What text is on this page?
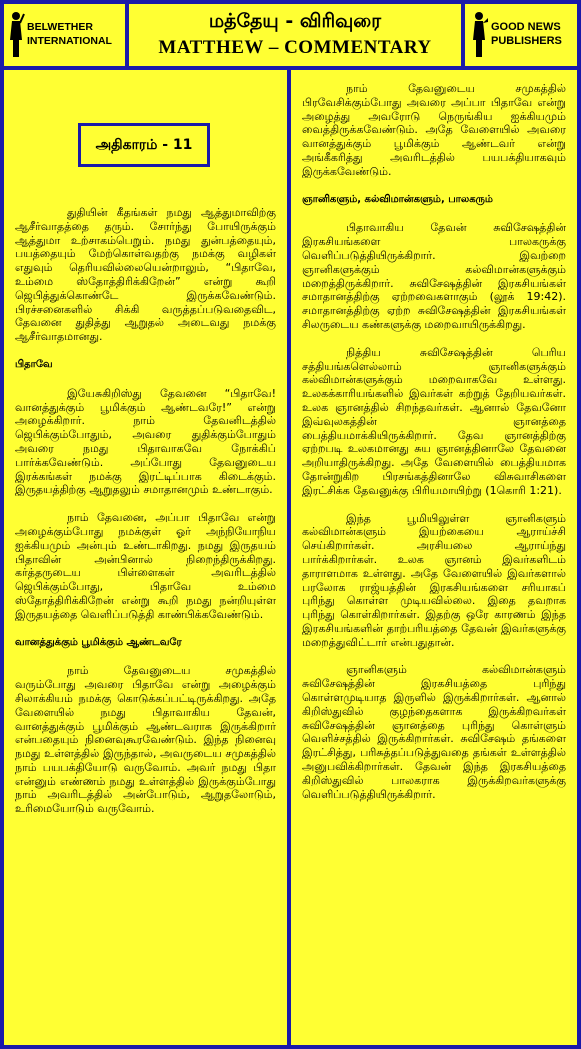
BELWETHER
INTERNATIONAL
மத்தேயு - விரிவுரை
MATTHEW – COMMENTARY
GOOD NEWS
PUBLISHERS
அதிகாரம் - 11

துதியின் கீதங்கள் நமது ஆத்துமாவிற்கு ஆசீர்வாதத்தை தரும். சோர்ந்து போயிருக்கும் ஆத்துமா உற்சாகம்பெறும். நமது துன்பத்தையும், பயத்தையும் மேற்கொள்வதற்கு நமக்கு வழிகள் எதுவும் தெரியவில்லையென்றாலும், “பிதாவே, உம்மை ஸ்தோத்திரிக்கிறேன்” என்று கூறி ஜெபித்துக்கொண்டே இருக்கவேண்டும். பிரச்சனைகளில் சிக்கி வருத்தப்படுவதைவிட, தேவனை துதித்து ஆறுதல் அடைவது நமக்கு ஆசீர்வாதமானது.

பிதாவே

இயேசுகிறிஸ்து தேவனை “பிதாவே! வானத்துக்கும் பூமிக்கும் ஆண்டவரே!” என்று அழைக்கிறார். நாம் தேவனிடத்தில் ஜெபிக்கும்போதும், அவரை துதிக்கும்போதும் அவரை நமது பிதாவாகவே நோக்கிப் பார்க்கவேண்டும். அப்போது தேவனுடைய இரக்கங்கள் நமக்கு இரட்டிப்பாக கிடைக்கும். இருதயத்திற்கு ஆறுதலும் சமாதானமும் உண்டாகும்.

நாம் தேவனை, அப்பா பிதாவே என்று அழைக்கும்போது நமக்குள் ஓர் அந்நியோநிய ஐக்கியமும் அன்பும் உண்டாகிறது. நமது இருதயம் பிதாவின் அன்பினால் நிறைந்திருக்கிறது. கர்த்தருடைய பிள்ளைகள் அவரிடத்தில் ஜெபிக்கும்போது, பிதாவே உம்மை ஸ்தோத்திரிக்கிறேன் என்று கூறி நமது நன்றியுள்ள இருதயத்தை வெளிப்படுத்தி காண்பிக்கவேண்டும்.

வானத்துக்கும் பூமிக்கும் ஆண்டவரே

நாம் தேவனுடைய சமுகத்தில் வரும்போது அவரை பிதாவே என்று அழைக்கும் சிலாக்கியம் நமக்கு கொடுக்கப்பட்டிருக்கிறது. அதே வேளையில் நமது பிதாவாகிய தேவன், வானத்துக்கும் பூமிக்கும் ஆண்டவராக இருக்கிறார் என்பதையும் நினைவுகூரவேண்டும். இந்த நினைவு நமது உள்ளத்தில் இருந்தால், அவருடைய சமுகத்தில் நாம் பயபக்தியோடு வருவோம். அவர் நமது பிதா என்னும் எண்ணம் நமது உள்ளத்தில் இருக்கும்போது நாம் அவரிடத்தில் அன்போடும், ஆறுதலோடும், உரிமையோடும் வருவோம்.

நாம் தேவனுடைய சமுகத்தில் பிரவேசிக்கும்போது அவரை அப்பா பிதாவே என்று அழைத்து அவரோடு நெருங்கிய ஐக்கியமும் வைத்திருக்கவேண்டும். அதே வேளையில் அவரை வானத்துக்கும் பூமிக்கும் ஆண்டவர் என்று அங்கீகரித்து அவரிடத்தில் பயபக்தியாகவும் இருக்கவேண்டும்.

ஞானிகளும், கல்விமான்களும், பாலகரும்

பிதாவாகிய தேவன் சுவிசேஷத்தின் இரகசியங்களை பாலகருக்கு வெளிப்படுத்தியிருக்கிறார். இவற்றை ஞானிகளுக்கும் கல்விமான்களுக்கும் மறைத்திருக்கிறார். சுவிசேஷத்தின் இரகசியங்கள் சமாதானத்திற்கு ஏற்றவைகளாகும் (லூக் 19:42). சமாதானத்திற்கு ஏற்ற சுவிசேஷத்தின் இரகசியங்கள் சிலருடைய கண்களுக்கு மறைவாயிருக்கிறது.

நித்திய சுவிசேஷத்தின் பெரிய சத்தியங்களெல்லாம் ஞானிகளுக்கும் கல்விமான்களுக்கும் மறைவாகவே உள்ளது. உலகக்காரியங்களில் இவர்கள் கற்றுத் தேறியவர்கள். உலக ஞானத்தில் சிறந்தவர்கள். ஆனால் தேவனோ இவ்வுலகத்தின் ஞானத்தை பைத்தியமாக்கியிருக்கிறார். தேவ ஞானத்திற்கு ஏற்றபடி உலகமானது சுய ஞானத்தினாலே தேவனை அறியாதிருக்கிறது. அதே வேளையில் பைத்தியமாக தோன்றுகிற பிரசங்கத்தினாலே விசுவாசிகளை இரட்சிக்க தேவனுக்கு பிரியமாயிற்று (1கொரி 1:21).

இந்த பூமியிலுள்ள ஞானிகளும் கல்விமான்களும் இயற்கையை ஆராய்ச்சி செய்கிறார்கள். அரசியலை ஆராய்ந்து பார்க்கிறார்கள். உலக ஞானம் இவர்களிடம் தாராளமாக உள்ளது. அதே வேளையில் இவர்களால் பரலோக ராஜ்யத்தின் இரகசியங்களை சரியாகப் புரிந்து கொள்ள முடியவில்லை. இதை தவறாக புரிந்து கொள்கிறார்கள். இதற்கு ஒரே காரணம் இந்த இரகசியங்களின் தாற்பரியத்தை தேவன் இவர்களுக்கு மறைத்துவிட்டார் என்பதுதான்.

ஞானிகளும் கல்விமான்களும் சுவிசேஷத்தின் இரகசியத்தை புரிந்து கொள்ளமுடியாத இருளில் இருக்கிறார்கள். ஆனால் கிறிஸ்துவில் குழந்தைகளாக இருக்கிறவர்கள் சுவிசேஷத்தின் ஞானத்தை புரிந்து கொள்ளும் வெளிச்சத்தில் இருக்கிறார்கள். சுவிசேஷம் தங்களை இரட்சித்து, பரிசுத்தப்படுத்துவதை தங்கள் உள்ளத்தில் அனுபவிக்கிறார்கள். தேவன் இந்த இரகசியத்தை கிறிஸ்துவில் பாலகராக இருக்கிறவர்களுக்கு வெளிப்படுத்தியிருக்கிறார்.
